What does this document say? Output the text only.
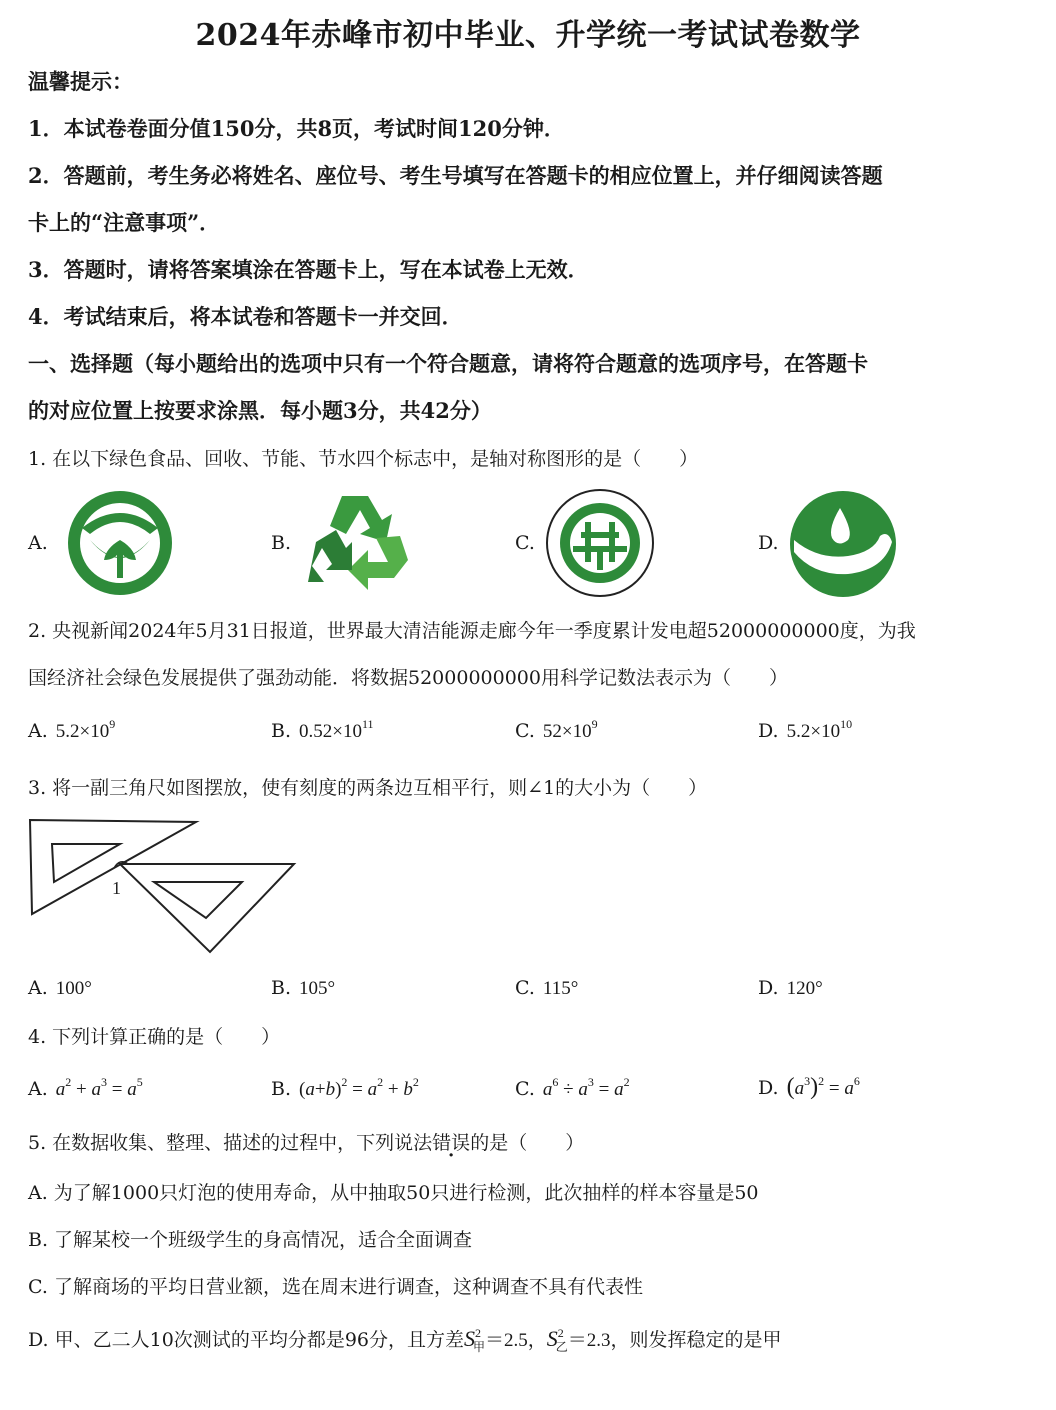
2024年赤峰市初中毕业、升学统一考试试卷数学
温馨提示：
1．本试卷卷面分值150分，共8页，考试时间120分钟．
2．答题前，考生务必将姓名、座位号、考生号填写在答题卡的相应位置上，并仔细阅读答题
卡上的“注意事项”．
3．答题时，请将答案填涂在答题卡上，写在本试卷上无效．
4．考试结束后，将本试卷和答题卡一并交回．
一、选择题（每小题给出的选项中只有一个符合题意，请将符合题意的选项序号，在答题卡
的对应位置上按要求涂黑．每小题3分，共42分）
1. 在以下绿色食品、回收、节能、节水四个标志中，是轴对称图形的是（　　）
A.	B.	C.	D.
2. 央视新闻2024年5月31日报道，世界最大清洁能源走廊今年一季度累计发电超52000000000度，为我
国经济社会绿色发展提供了强劲动能．将数据52000000000用科学记数法表示为（　　）
A. $5.2\times 10^9$	B. $0.52\times 10^{11}$	C. $52\times 10^9$	D. $5.2\times 10^{10}$
3. 将一副三角尺如图摆放，使有刻度的两条边互相平行，则∠1的大小为（　　）
1
A. 100°	B. 105°	C. 115°	D. 120°
4. 下列计算正确的是（　　）
A. $a^2 + a^3 = a^5$	B. $(a+b)^2 = a^2 + b^2$	C. $a^6 \div a^3 = a^2$	D. $(a^3)^2 = a^6$
5. 在数据收集、整理、描述的过程中，下列说法错误的是（　　）
A. 为了解1000只灯泡的使用寿命，从中抽取50只进行检测，此次抽样的样本容量是50
B. 了解某校一个班级学生的身高情况，适合全面调查
C. 了解商场的平均日营业额，选在周末进行调查，这种调查不具有代表性
D. 甲、乙二人10次测试的平均分都是96分，且方差$S^2_甲=2.5$，$S^2_乙=2.3$，则发挥稳定的是甲
